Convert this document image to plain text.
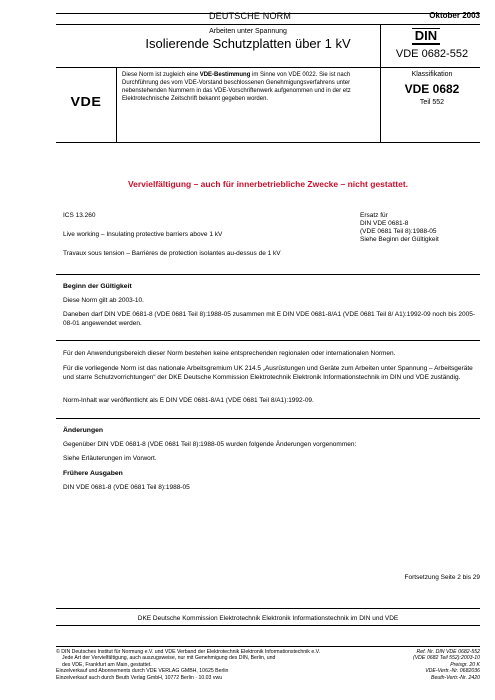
DEUTSCHE NORM	Oktober 2003
Arbeiten unter Spannung
Isolierende Schutzplatten über 1 kV
DIN
VDE 0682-552
VDE
Diese Norm ist zugleich eine VDE-Bestimmung im Sinne von VDE 0022. Sie ist nach Durchführung des vom VDE-Vorstand beschlossenen Genehmigungsverfahrens unter nebenstehenden Nummern in das VDE-Vorschriftenwerk aufgenommen und in der etz Elektrotechnische Zeitschrift bekannt gegeben worden.
Klassifikation
VDE 0682
Teil 552
Vervielfältigung – auch für innerbetriebliche Zwecke – nicht gestattet.
ICS 13.260
Live working – Insulating protective barriers above 1 kV
Travaux sous tension – Barrières de protection isolantes au-dessus de 1 kV
Ersatz für
DIN VDE 0681-8
(VDE 0681 Teil 8):1988-05
Siehe Beginn der Gültigkeit
Beginn der Gültigkeit
Diese Norm gilt ab 2003-10.
Daneben darf DIN VDE 0681-8 (VDE 0681 Teil 8):1988-05 zusammen mit E DIN VDE 0681-8/A1 (VDE 0681 Teil 8/ A1):1992-09 noch bis 2005-08-01 angewendet werden.
Für den Anwendungsbereich dieser Norm bestehen keine entsprechenden regionalen oder internationalen Normen.
Für die vorliegende Norm ist das nationale Arbeitsgremium UK 214.5 „Ausrüstungen und Geräte zum Arbeiten unter Spannung – Arbeitsgeräte und starre Schutzvorrichtungen“ der DKE Deutsche Kommission Elektrotechnik Elektronik Informationstechnik im DIN und VDE zuständig.
Norm-Inhalt war veröffentlicht als E DIN VDE 0681-8/A1 (VDE 0681 Teil 8/A1):1992-09.
Änderungen
Gegenüber DIN VDE 0681-8 (VDE 0681 Teil 8):1988-05 wurden folgende Änderungen vorgenommen:
Siehe Erläuterungen im Vorwort.
Frühere Ausgaben
DIN VDE 0681-8 (VDE 0681 Teil 8):1988-05
Fortsetzung Seite 2 bis 29
DKE Deutsche Kommission Elektrotechnik Elektronik Informationstechnik im DIN und VDE
© DIN Deutsches Institut für Normung e.V. und VDE Verband der Elektrotechnik Elektronik Informationstechnik e.V.
Jede Art der Vervielfältigung, auch auszugsweise, nur mit Genehmigung des DIN, Berlin, und
des VDE, Frankfurt am Main, gestattet.
Einzelverkauf und Abonnements durch VDE VERLAG GMBH, 10625 Berlin
Einzelverkauf auch durch Beuth Verlag GmbH, 10772 Berlin · 10.03 vwu
Ref. Nr. DIN VDE 0682-552
(VDE 0682 Teil 552):2003-10
Preisgr. 20 K
VDE-Vertr.-Nr. 0682036
Beuth-Vertr.-Nr. 2420
